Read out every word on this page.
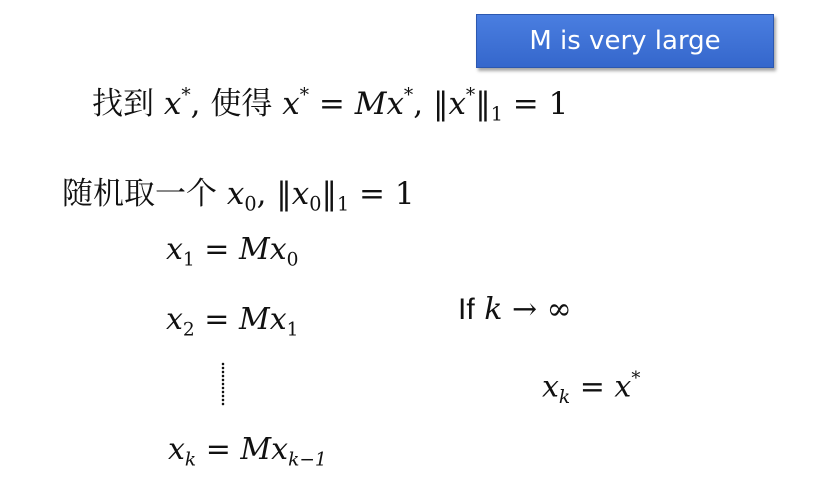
M is very large
找到 x*, 使得 x* = Mx*, $‖x^*‖_1 = 1$
随机取一个 $x_0$, $‖x_0‖_1 = 1$
$x_1 = Mx_0$
$x_2 = Mx_1$
$x_k = Mx_{k-1}$
If k → ∞
$x_k = x^*$
